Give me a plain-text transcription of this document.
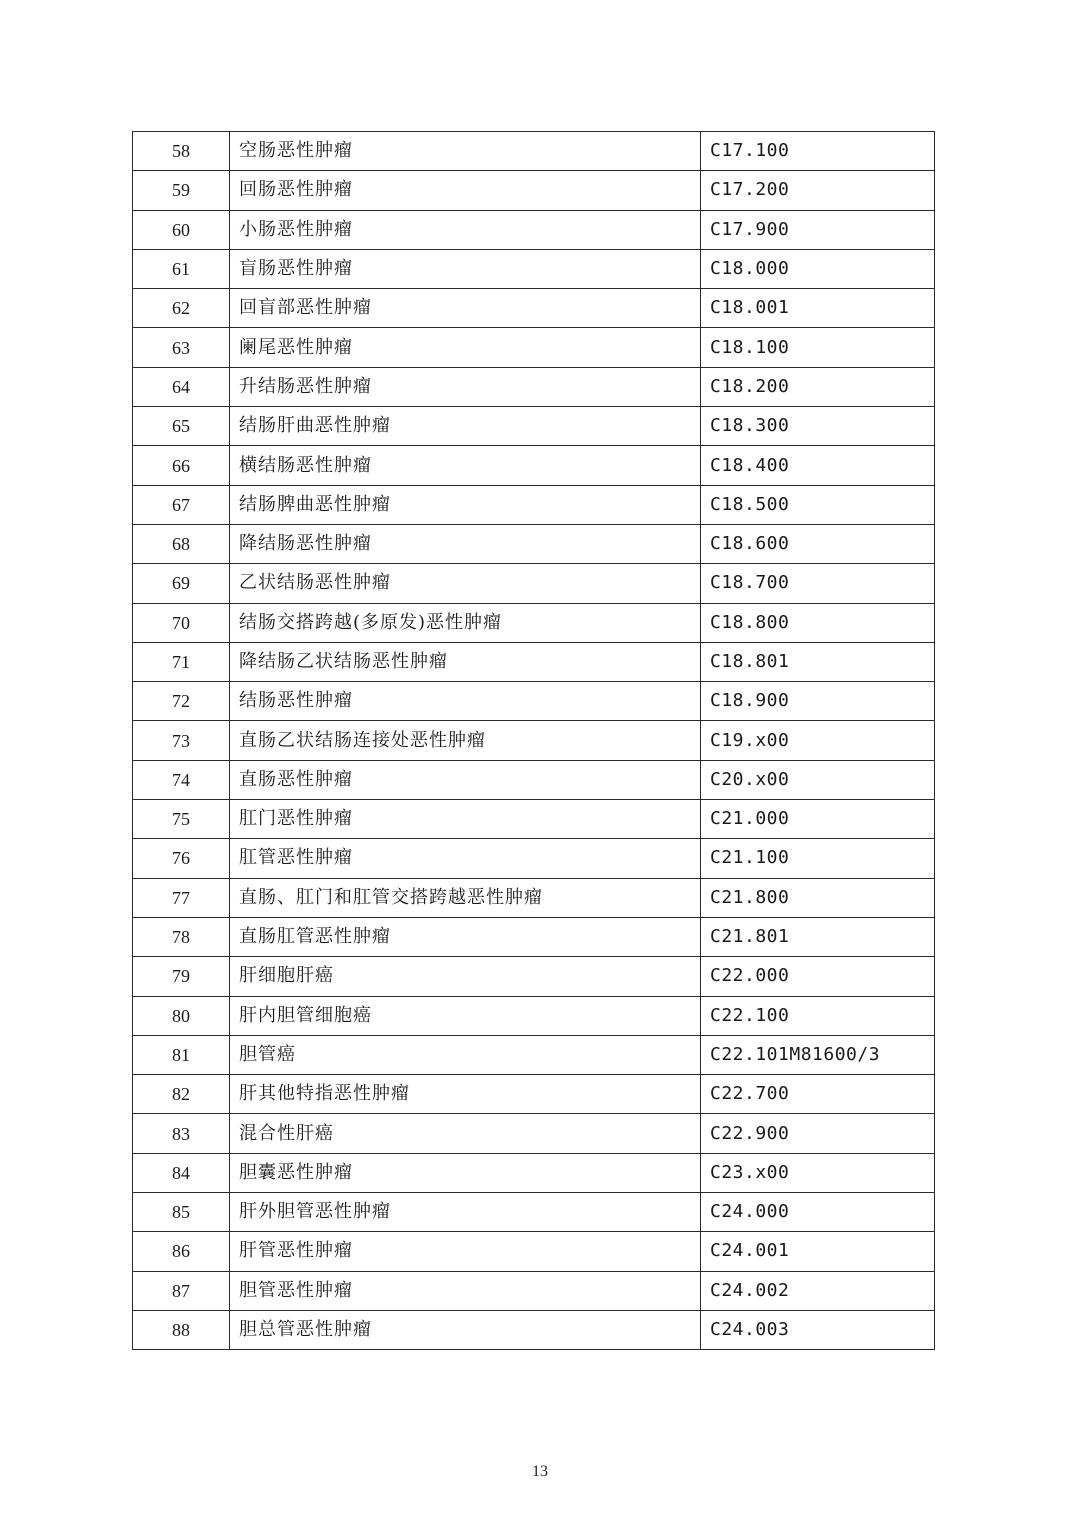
58	空肠恶性肿瘤	C17.100
59	回肠恶性肿瘤	C17.200
60	小肠恶性肿瘤	C17.900
61	盲肠恶性肿瘤	C18.000
62	回盲部恶性肿瘤	C18.001
63	阑尾恶性肿瘤	C18.100
64	升结肠恶性肿瘤	C18.200
65	结肠肝曲恶性肿瘤	C18.300
66	横结肠恶性肿瘤	C18.400
67	结肠脾曲恶性肿瘤	C18.500
68	降结肠恶性肿瘤	C18.600
69	乙状结肠恶性肿瘤	C18.700
70	结肠交搭跨越(多原发)恶性肿瘤	C18.800
71	降结肠乙状结肠恶性肿瘤	C18.801
72	结肠恶性肿瘤	C18.900
73	直肠乙状结肠连接处恶性肿瘤	C19.x00
74	直肠恶性肿瘤	C20.x00
75	肛门恶性肿瘤	C21.000
76	肛管恶性肿瘤	C21.100
77	直肠、肛门和肛管交搭跨越恶性肿瘤	C21.800
78	直肠肛管恶性肿瘤	C21.801
79	肝细胞肝癌	C22.000
80	肝内胆管细胞癌	C22.100
81	胆管癌	C22.101M81600/3
82	肝其他特指恶性肿瘤	C22.700
83	混合性肝癌	C22.900
84	胆囊恶性肿瘤	C23.x00
85	肝外胆管恶性肿瘤	C24.000
86	肝管恶性肿瘤	C24.001
87	胆管恶性肿瘤	C24.002
88	胆总管恶性肿瘤	C24.003
13
